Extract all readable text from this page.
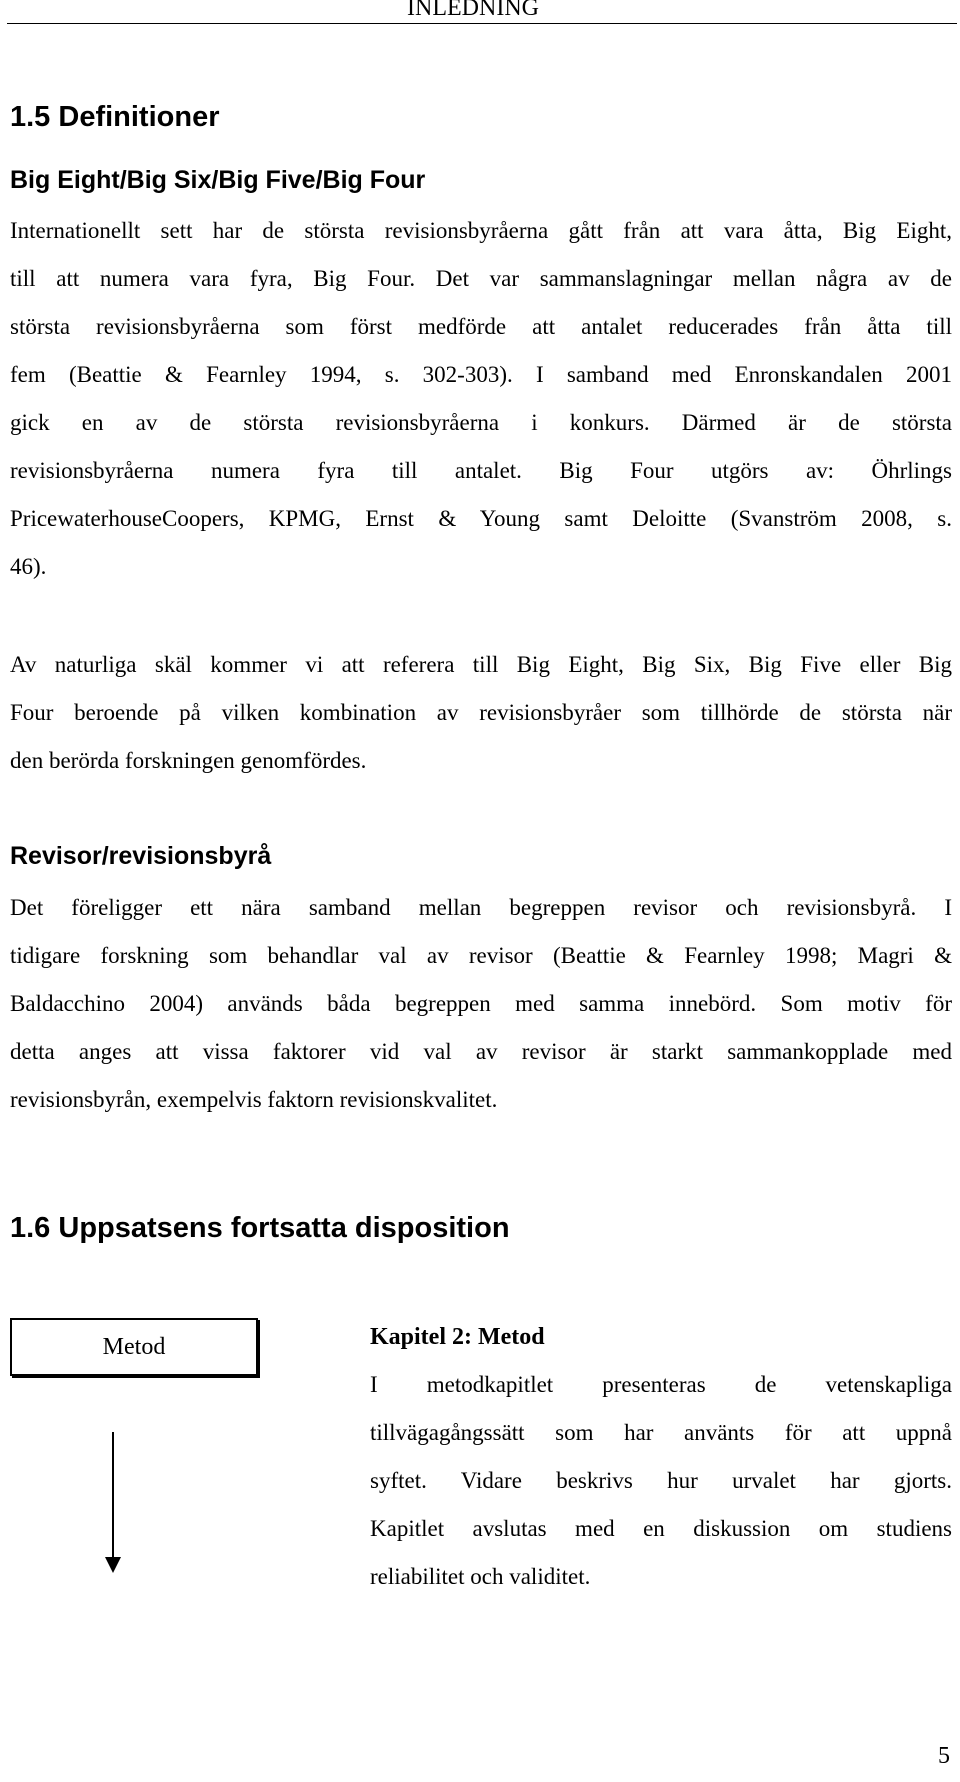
INLEDNING
1.5 Definitioner
Big Eight/Big Six/Big Five/Big Four
Internationellt sett har de största revisionsbyråerna gått från att vara åtta, Big Eight,
till att numera vara fyra, Big Four. Det var sammanslagningar mellan några av de
största revisionsbyråerna som först medförde att antalet reducerades från åtta till
fem (Beattie & Fearnley 1994, s. 302-303). I samband med Enronskandalen 2001
gick en av de största revisionsbyråerna i konkurs. Därmed är de största
revisionsbyråerna numera fyra till antalet. Big Four utgörs av: Öhrlings
PricewaterhouseCoopers, KPMG, Ernst & Young samt Deloitte (Svanström 2008, s.
46).
Av naturliga skäl kommer vi att referera till Big Eight, Big Six, Big Five eller Big
Four beroende på vilken kombination av revisionsbyråer som tillhörde de största när
den berörda forskningen genomfördes.
Revisor/revisionsbyrå
Det föreligger ett nära samband mellan begreppen revisor och revisionsbyrå. I
tidigare forskning som behandlar val av revisor (Beattie & Fearnley 1998; Magri &
Baldacchino 2004) används båda begreppen med samma innebörd. Som motiv för
detta anges att vissa faktorer vid val av revisor är starkt sammankopplade med
revisionsbyrån, exempelvis faktorn revisionskvalitet.
1.6 Uppsatsens fortsatta disposition
Metod	Kapitel 2: Metod
I metodkapitlet presenteras de vetenskapliga
tillvägagångssätt som har använts för att uppnå
syftet. Vidare beskrivs hur urvalet har gjorts.
Kapitlet avslutas med en diskussion om studiens
reliabilitet och validitet.
5
